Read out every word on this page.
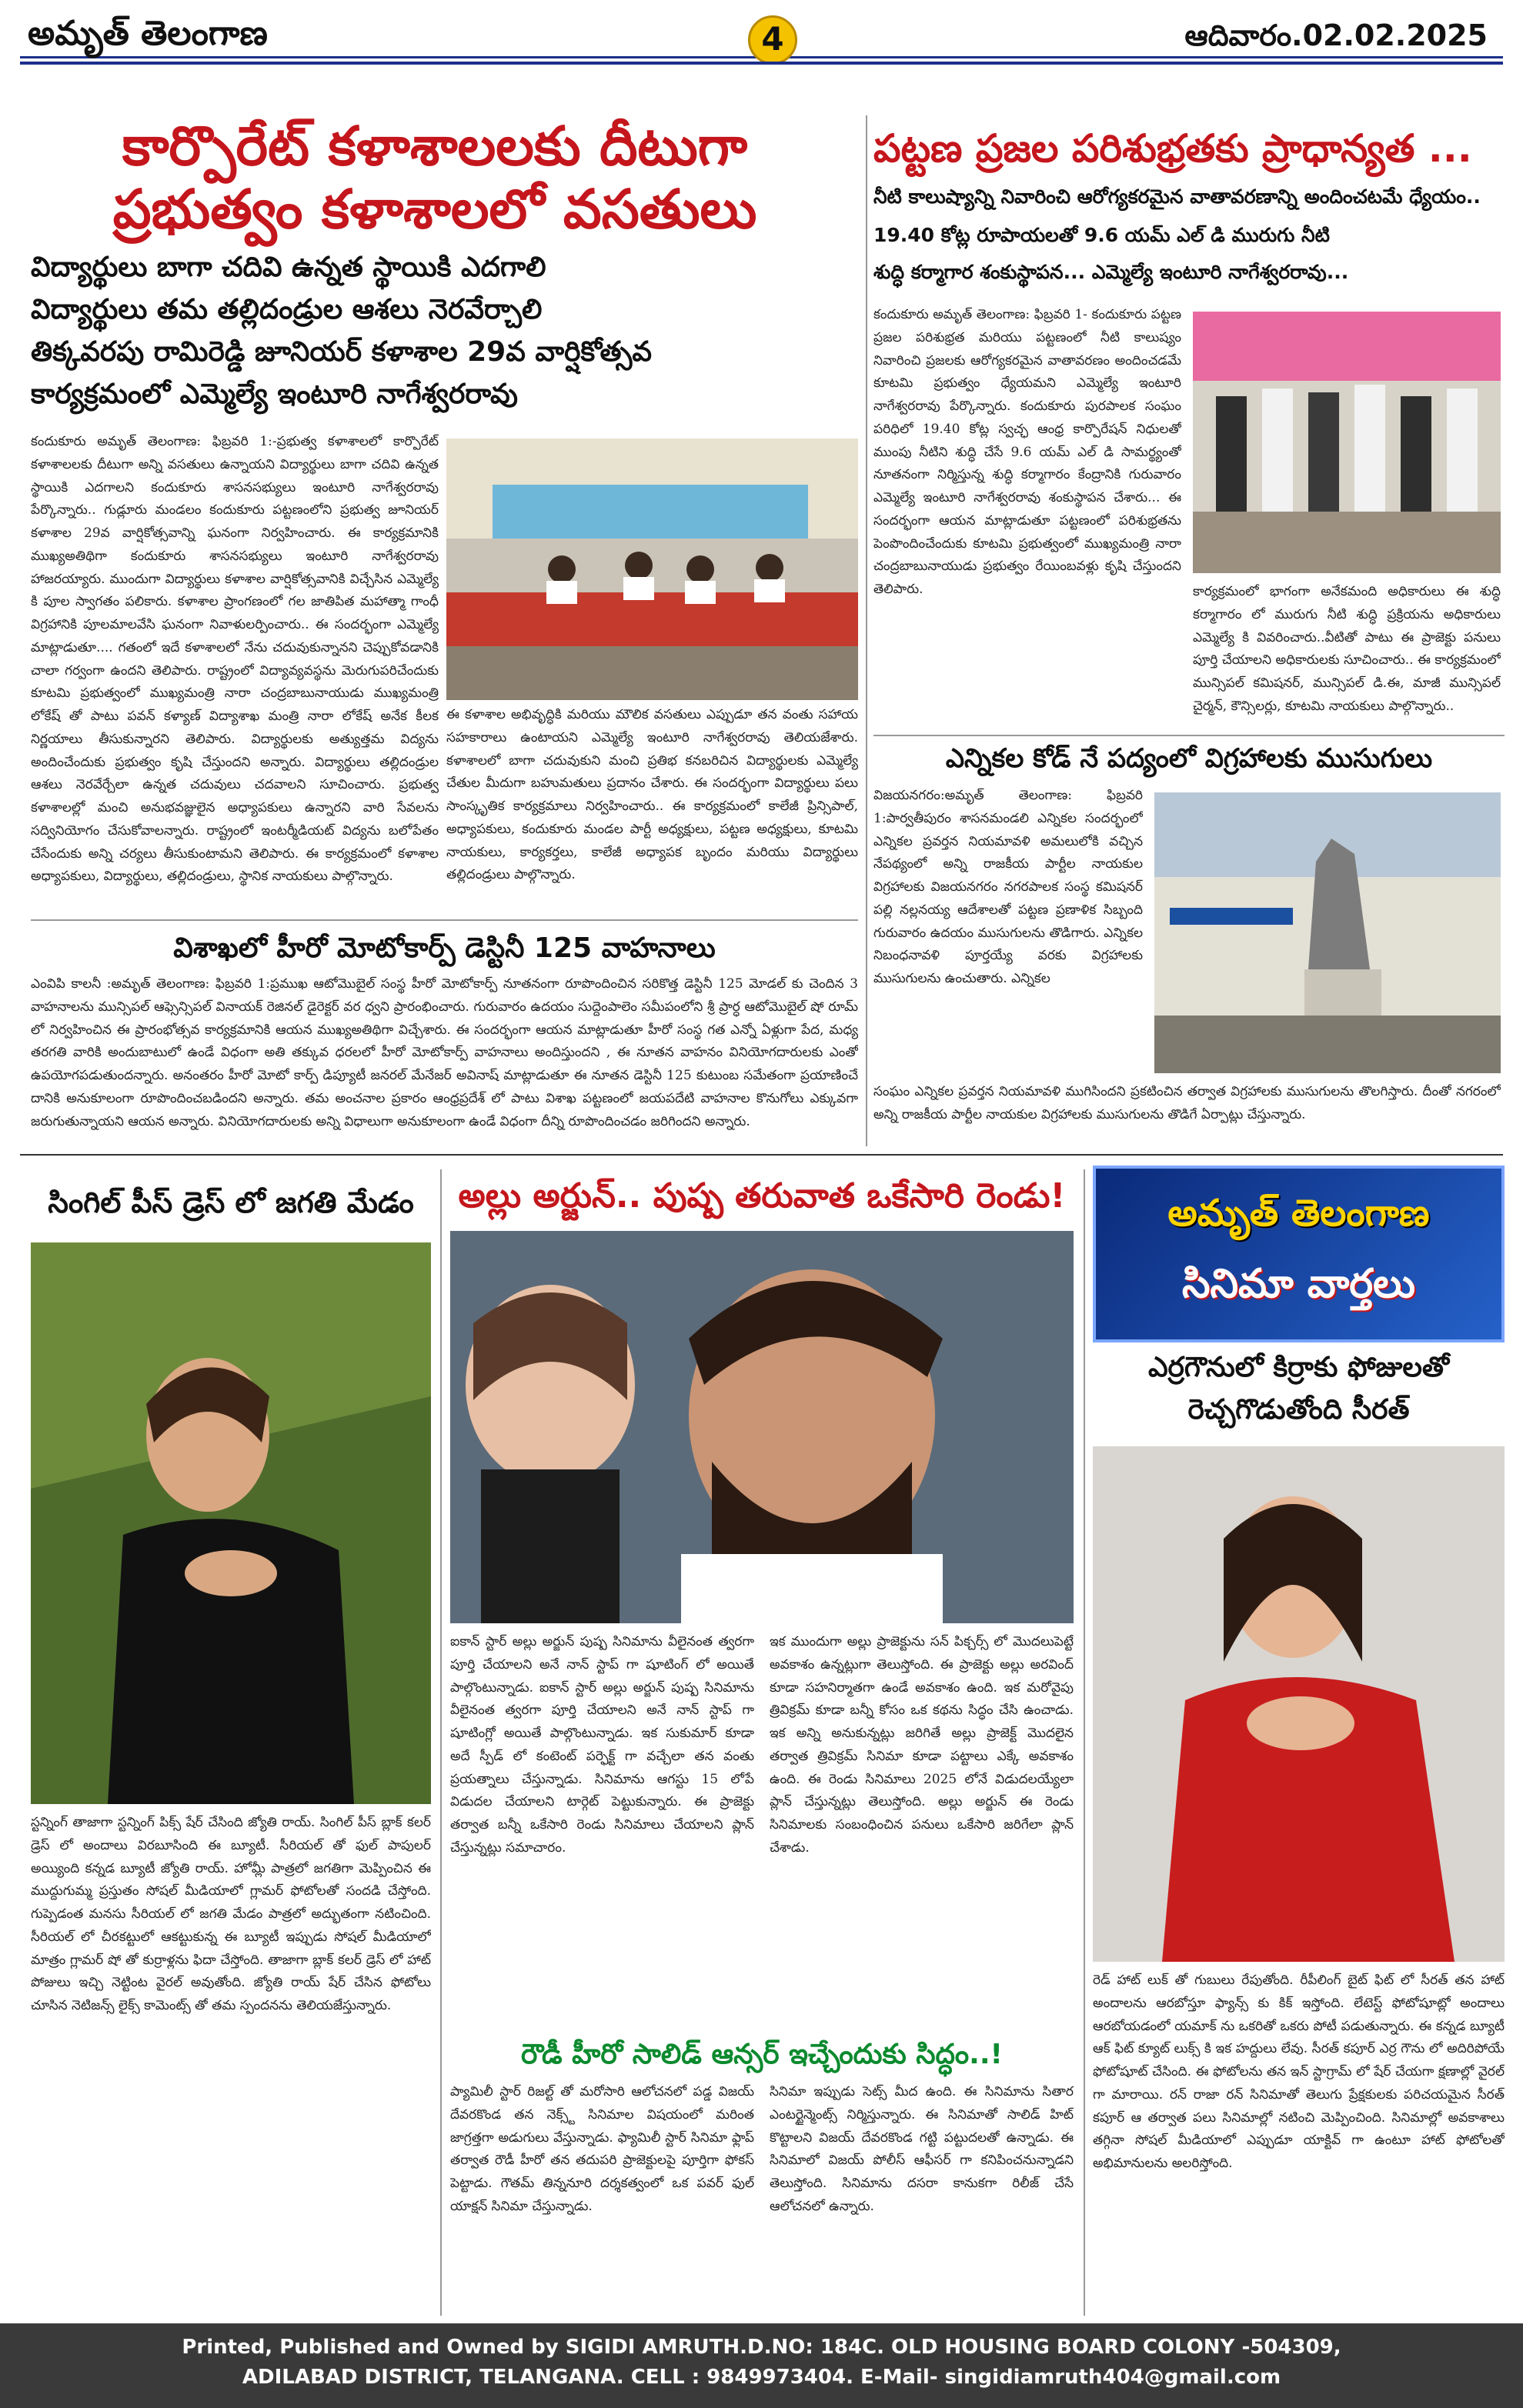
అమృత్ తెలంగాణ	4	ఆదివారం.02.02.2025
కార్పొరేట్ కళాశాలలకు దీటుగా
ప్రభుత్వం కళాశాలలో వసతులు
విద్యార్థులు బాగా చదివి ఉన్నత స్థాయికి ఎదగాలి
విద్యార్థులు తమ తల్లిదండ్రుల ఆశలు నెరవేర్చాలి
తిక్కవరపు రామిరెడ్డి జూనియర్ కళాశాల 29వ వార్షికోత్సవ
కార్యక్రమంలో ఎమ్మెల్యే ఇంటూరి నాగేశ్వరరావు
కందుకూరు అమృత్ తెలంగాణ: ఫిబ్రవరి 1:-ప్రభుత్వ కళాశాలలో కార్పొరేట్ కళాశాలలకు దీటుగా అన్ని వసతులు ఉన్నాయని విద్యార్థులు బాగా చదివి ఉన్నత స్థాయికి ఎదగాలని కందుకూరు శాసనసభ్యులు ఇంటూరి నాగేశ్వరరావు పేర్కొన్నారు.. గుడ్లూరు మండలం కందుకూరు పట్టణంలోని ప్రభుత్వ జూనియర్ కళాశాల 29వ వార్షికోత్సవాన్ని ఘనంగా నిర్వహించారు. ఈ కార్యక్రమానికి ముఖ్యఅతిథిగా కందుకూరు శాసనసభ్యులు ఇంటూరి నాగేశ్వరరావు హాజరయ్యారు. ముందుగా విద్యార్థులు కళాశాల వార్షికోత్సవానికి విచ్చేసిన ఎమ్మెల్యే కి పూల స్వాగతం పలికారు. కళాశాల ప్రాంగణంలో గల జాతిపిత మహాత్మా గాంధీ విగ్రహానికి పూలమాలవేసి ఘనంగా నివాళులర్పించారు.. ఈ సందర్భంగా ఎమ్మెల్యే మాట్లాడుతూ.... గతంలో ఇదే కళాశాలలో నేను చదువుకున్నానని చెప్పుకోవడానికి చాలా గర్వంగా ఉందని తెలిపారు. రాష్ట్రంలో విద్యావ్యవస్థను మెరుగుపరిచేందుకు కూటమి ప్రభుత్వంలో ముఖ్యమంత్రి నారా చంద్రబాబునాయుడు ముఖ్యమంత్రి లోకేష్ తో పాటు పవన్ కళ్యాణ్ విద్యాశాఖ మంత్రి నారా లోకేష్ అనేక కీలక నిర్ణయాలు తీసుకున్నారని తెలిపారు. విద్యార్థులకు అత్యుత్తమ విద్యను అందించేందుకు ప్రభుత్వం కృషి చేస్తుందని అన్నారు. విద్యార్థులు తల్లిదండ్రుల ఆశలు నెరవేర్చేలా ఉన్నత చదువులు చదవాలని సూచించారు. ప్రభుత్వ కళాశాలల్లో మంచి అనుభవజ్ఞులైన అధ్యాపకులు ఉన్నారని వారి సేవలను సద్వినియోగం చేసుకోవాలన్నారు. రాష్ట్రంలో ఇంటర్మీడియట్ విద్యను బలోపేతం చేసేందుకు అన్ని చర్యలు తీసుకుంటామని తెలిపారు. ఈ కార్యక్రమంలో కళాశాల అధ్యాపకులు, విద్యార్థులు, తల్లిదండ్రులు, స్థానిక నాయకులు పాల్గొన్నారు.
ఈ కళాశాల అభివృద్ధికి మరియు మౌలిక వసతులు ఎప్పుడూ తన వంతు సహాయ సహకారాలు ఉంటాయని ఎమ్మెల్యే ఇంటూరి నాగేశ్వరరావు తెలియజేశారు. కళాశాలలో బాగా చదువుకుని మంచి ప్రతిభ కనబరిచిన విద్యార్థులకు ఎమ్మెల్యే చేతుల మీదుగా బహుమతులు ప్రదానం చేశారు. ఈ సందర్భంగా విద్యార్థులు పలు సాంస్కృతిక కార్యక్రమాలు నిర్వహించారు.. ఈ కార్యక్రమంలో కాలేజీ ప్రిన్సిపాల్, అధ్యాపకులు, కందుకూరు మండల పార్టీ అధ్యక్షులు, పట్టణ అధ్యక్షులు, కూటమి నాయకులు, కార్యకర్తలు, కాలేజీ అధ్యాపక బృందం మరియు విద్యార్థులు తల్లిదండ్రులు పాల్గొన్నారు.
విశాఖలో హీరో మోటోకార్ప్ డెస్టినీ 125 వాహనాలు
ఎంవిపి కాలనీ :అమృత్ తెలంగాణ: ఫిబ్రవరి 1:ప్రముఖ ఆటోమొబైల్ సంస్థ హీరో మోటోకార్ప్ నూతనంగా రూపొందించిన సరికొత్త డెస్టినీ 125 మోడల్ కు చెందిన 3 వాహనాలను మున్సిపల్ ఆఫ్సెన్సిపల్ వినాయక్ రెజినల్ డైరెక్టర్ వర ధ్వని ప్రారంభించారు. గురువారం ఉదయం సుద్దెంపాలెం సమీపంలోని శ్రీ ప్రార్ధ ఆటోమొబైల్ షో రూమ్ లో నిర్వహించిన ఈ ప్రారంభోత్సవ కార్యక్రమానికి ఆయన ముఖ్యఅతిథిగా విచ్చేశారు. ఈ సందర్భంగా ఆయన మాట్లాడుతూ హీరో సంస్థ గత ఎన్నో ఏళ్లుగా పేద, మధ్య తరగతి వారికి అందుబాటులో ఉండే విధంగా అతి తక్కువ ధరలలో హీరో మోటోకార్ప్ వాహనాలు అందిస్తుందని , ఈ నూతన వాహనం వినియోగదారులకు ఎంతో ఉపయోగపడుతుందన్నారు. అనంతరం హీరో మోటో కార్ప్ డిప్యూటీ జనరల్ మేనేజర్ అవినాష్ మాట్లాడుతూ ఈ నూతన డెస్టినీ 125 కుటుంబ సమేతంగా ప్రయాణించే దానికి అనుకూలంగా రూపొందించబడిందని అన్నారు. తమ అంచనాల ప్రకారం ఆంధ్రప్రదేశ్ లో పాటు విశాఖ పట్టణంలో జయపదేటి వాహనాల కొనుగోలు ఎక్కువగా జరుగుతున్నాయని ఆయన అన్నారు. వినియోగదారులకు అన్ని విధాలుగా అనుకూలంగా ఉండే విధంగా దీన్ని రూపొందించడం జరిగిందని అన్నారు.
పట్టణ ప్రజల పరిశుభ్రతకు ప్రాధాన్యత ...
నీటి కాలుష్యాన్ని నివారించి ఆరోగ్యకరమైన వాతావరణాన్ని అందించటమే ధ్యేయం..
19.40 కోట్ల రూపాయలతో 9.6 యమ్ ఎల్ డి మురుగు నీటి
శుద్ధి కర్మాగార శంకుస్థాపన... ఎమ్మెల్యే ఇంటూరి నాగేశ్వరరావు...
కందుకూరు అమృత్ తెలంగాణ: ఫిబ్రవరి 1- కందుకూరు పట్టణ ప్రజల పరిశుభ్రత మరియు పట్టణంలో నీటి కాలుష్యం నివారించి ప్రజలకు ఆరోగ్యకరమైన వాతావరణం అందించడమే కూటమి ప్రభుత్వం ధ్యేయమని ఎమ్మెల్యే ఇంటూరి నాగేశ్వరరావు పేర్కొన్నారు. కందుకూరు పురపాలక సంఘం పరిధిలో 19.40 కోట్ల స్వచ్ఛ ఆంధ్ర కార్పొరేషన్ నిధులతో ముంపు నీటిని శుద్ధి చేసే 9.6 యమ్ ఎల్ డి సామర్థ్యంతో నూతనంగా నిర్మిస్తున్న శుద్ధి కర్మాగారం కేంద్రానికి గురువారం ఎమ్మెల్యే ఇంటూరి నాగేశ్వరరావు శంకుస్థాపన చేశారు... ఈ సందర్భంగా ఆయన మాట్లాడుతూ పట్టణంలో పరిశుభ్రతను పెంపొందించేందుకు కూటమి ప్రభుత్వంలో ముఖ్యమంత్రి నారా చంద్రబాబునాయుడు ప్రభుత్వం రేయింబవళ్లు కృషి చేస్తుందని తెలిపారు.	కార్యక్రమంలో భాగంగా అనేకమంది అధికారులు ఈ శుద్ధి కర్మాగారం లో మురుగు నీటి శుద్ధి ప్రక్రియను అధికారులు ఎమ్మెల్యే కి వివరించారు..వీటితో పాటు ఈ ప్రాజెక్టు పనులు పూర్తి చేయాలని అధికారులకు సూచించారు.. ఈ కార్యక్రమంలో మున్సిపల్ కమిషనర్, మున్సిపల్ డి.ఈ, మాజీ మున్సిపల్ చైర్మన్, కౌన్సిలర్లు, కూటమి నాయకులు పాల్గొన్నారు..
ఎన్నికల కోడ్ నే పద్యంలో విగ్రహాలకు ముసుగులు
విజయనగరం:అమృత్ తెలంగాణ: ఫిబ్రవరి 1:పార్వతీపురం శాసనమండలి ఎన్నికల సందర్భంలో ఎన్నికల ప్రవర్తన నియమావళి అమలులోకి వచ్చిన నేపథ్యంలో అన్ని రాజకీయ పార్టీల నాయకుల విగ్రహాలకు విజయనగరం నగరపాలక సంస్థ కమిషనర్ పల్లి నల్లనయ్య ఆదేశాలతో పట్టణ ప్రణాళిక సిబ్బంది గురువారం ఉదయం ముసుగులను తొడిగారు. ఎన్నికల నిబంధనావళి పూర్తయ్యే వరకు విగ్రహాలకు ముసుగులను ఉంచుతారు. ఎన్నికల
సంఘం ఎన్నికల ప్రవర్తన నియమావళి ముగిసిందని ప్రకటించిన తర్వాత విగ్రహాలకు ముసుగులను తొలగిస్తారు. దీంతో నగరంలో అన్ని రాజకీయ పార్టీల నాయకుల విగ్రహాలకు ముసుగులను తొడిగే ఏర్పాట్లు చేస్తున్నారు.
సింగిల్ పీస్ డ్రెస్ లో జగతి మేడం
స్టన్నింగ్ తాజాగా స్టన్నింగ్ పిక్స్ షేర్ చేసింది జ్యోతి రాయ్. సింగిల్ పీస్ బ్లాక్ కలర్ డ్రెస్ లో అందాలు విరబూసింది ఈ బ్యూటీ. సీరియల్ తో ఫుల్ పాపులర్ అయ్యింది కన్నడ బ్యూటీ జ్యోతి రాయ్. హోమ్లీ పాత్రలో జగతిగా మెప్పించిన ఈ ముద్దుగుమ్మ ప్రస్తుతం సోషల్ మీడియాలో గ్లామర్ ఫోటోలతో సందడి చేస్తోంది. గుప్పెడంత మనసు సీరియల్ లో జగతి మేడం పాత్రలో అద్భుతంగా నటించింది. సీరియల్ లో చీరకట్టులో ఆకట్టుకున్న ఈ బ్యూటీ ఇప్పుడు సోషల్ మీడియాలో మాత్రం గ్లామర్ షో తో కుర్రాళ్లను ఫిదా చేస్తోంది. తాజాగా బ్లాక్ కలర్ డ్రెస్ లో హాట్ పోజులు ఇచ్చి నెట్టింట వైరల్ అవుతోంది. జ్యోతి రాయ్ షేర్ చేసిన ఫోటోలు చూసిన నెటిజన్స్ లైక్స్ కామెంట్స్ తో తమ స్పందనను తెలియజేస్తున్నారు.
అల్లు అర్జున్.. పుష్ప తరువాత ఒకేసారి రెండు!
ఐకాన్ స్టార్ అల్లు అర్జున్ పుష్ప సినిమాను వీలైనంత త్వరగా పూర్తి చేయాలని అనే నాన్ స్టాప్ గా షూటింగ్ లో అయితే పాల్గొంటున్నాడు. ఐకాన్ స్టార్ అల్లు అర్జున్ పుష్ప సినిమాను వీలైనంత త్వరగా పూర్తి చేయాలని అనే నాన్ స్టాప్ గా షూటింగ్లో అయితే పాల్గొంటున్నాడు. ఇక సుకుమార్ కూడా అదే స్పీడ్ లో కంటెంట్ పర్ఫెక్ట్ గా వచ్చేలా తన వంతు ప్రయత్నాలు చేస్తున్నాడు. సినిమాను ఆగస్టు 15 లోపే విడుదల చేయాలని టార్గెట్ పెట్టుకున్నారు. ఈ ప్రాజెక్టు తర్వాత బన్నీ ఒకేసారి రెండు సినిమాలు చేయాలని ప్లాన్ చేస్తున్నట్లు సమాచారం.
ఇక ముందుగా అల్లు ప్రాజెక్టును సన్ పిక్చర్స్ లో మొదలుపెట్టే అవకాశం ఉన్నట్లుగా తెలుస్తోంది. ఈ ప్రాజెక్టు అల్లు అరవింద్ కూడా సహనిర్మాతగా ఉండే అవకాశం ఉంది. ఇక మరోవైపు త్రివిక్రమ్ కూడా బన్నీ కోసం ఒక కథను సిద్ధం చేసి ఉంచాడు. ఇక అన్ని అనుకున్నట్లు జరిగితే అల్లు ప్రాజెక్ట్ మొదలైన తర్వాత త్రివిక్రమ్ సినిమా కూడా పట్టాలు ఎక్కే అవకాశం ఉంది. ఈ రెండు సినిమాలు 2025 లోనే విడుదలయ్యేలా ప్లాన్ చేస్తున్నట్లు తెలుస్తోంది. అల్లు అర్జున్ ఈ రెండు సినిమాలకు సంబంధించిన పనులు ఒకేసారి జరిగేలా ప్లాన్ చేశాడు.
రౌడీ హీరో సాలిడ్ ఆన్సర్ ఇచ్చేందుకు సిద్ధం..!
ప్యామిలీ స్టార్ రిజల్ట్ తో మరోసారి ఆలోచనలో పడ్డ విజయ్ దేవరకొండ తన నెక్స్ట్ సినిమాల విషయంలో మరింత జాగ్రత్తగా అడుగులు వేస్తున్నాడు. ఫ్యామిలీ స్టార్ సినిమా ఫ్లాప్ తర్వాత రౌడీ హీరో తన తదుపరి ప్రాజెక్టులపై పూర్తిగా ఫోకస్ పెట్టాడు. గౌతమ్ తిన్ననూరి దర్శకత్వంలో ఒక పవర్ ఫుల్ యాక్షన్ సినిమా చేస్తున్నాడు.
సినిమా ఇప్పుడు సెట్స్ మీద ఉంది. ఈ సినిమాను సితార ఎంటర్టైన్మెంట్స్ నిర్మిస్తున్నారు. ఈ సినిమాతో సాలిడ్ హిట్ కొట్టాలని విజయ్ దేవరకొండ గట్టి పట్టుదలతో ఉన్నాడు. ఈ సినిమాలో విజయ్ పోలీస్ ఆఫీసర్ గా కనిపించనున్నాడని తెలుస్తోంది. సినిమాను దసరా కానుకగా రిలీజ్ చేసే ఆలోచనలో ఉన్నారు.
అమృత్ తెలంగాణ
సినిమా వార్తలు
ఎర్రగౌనులో కిర్రాకు ఫోజులతో
రెచ్చగొడుతోంది సీరత్
రెడ్ హాట్ లుక్ తో గుబులు రేపుతోంది. రీపీలింగ్ బైట్ ఫిట్ లో సీరత్ తన హాట్ అందాలను ఆరబోస్తూ ఫ్యాన్స్ కు కిక్ ఇస్తోంది. లేటెస్ట్ ఫోటోషూట్లో అందాలు ఆరబోయడంలో యమాక్ ను ఒకరితో ఒకరు పోటీ పడుతున్నారు. ఈ కన్నడ బ్యూటీ ఆక్ ఫిట్ క్యూట్ లుక్స్ కి ఇక హద్దులు లేవు. సీరత్ కపూర్ ఎర్ర గౌను లో అదిరిపోయే ఫోటోషూట్ చేసింది. ఈ ఫోటోలను తన ఇన్ స్టాగ్రామ్ లో షేర్ చేయగా క్షణాల్లో వైరల్ గా మారాయి. రన్ రాజా రన్ సినిమాతో తెలుగు ప్రేక్షకులకు పరిచయమైన సీరత్ కపూర్ ఆ తర్వాత పలు సినిమాల్లో నటించి మెప్పించింది. సినిమాల్లో అవకాశాలు తగ్గినా సోషల్ మీడియాలో ఎప్పుడూ యాక్టివ్ గా ఉంటూ హాట్ ఫోటోలతో అభిమానులను అలరిస్తోంది.
Printed, Published and Owned by SIGIDI AMRUTH.D.NO: 184C. OLD HOUSING BOARD COLONY -504309,
ADILABAD DISTRICT, TELANGANA. CELL : 9849973404. E-Mail- singidiamruth404@gmail.com
